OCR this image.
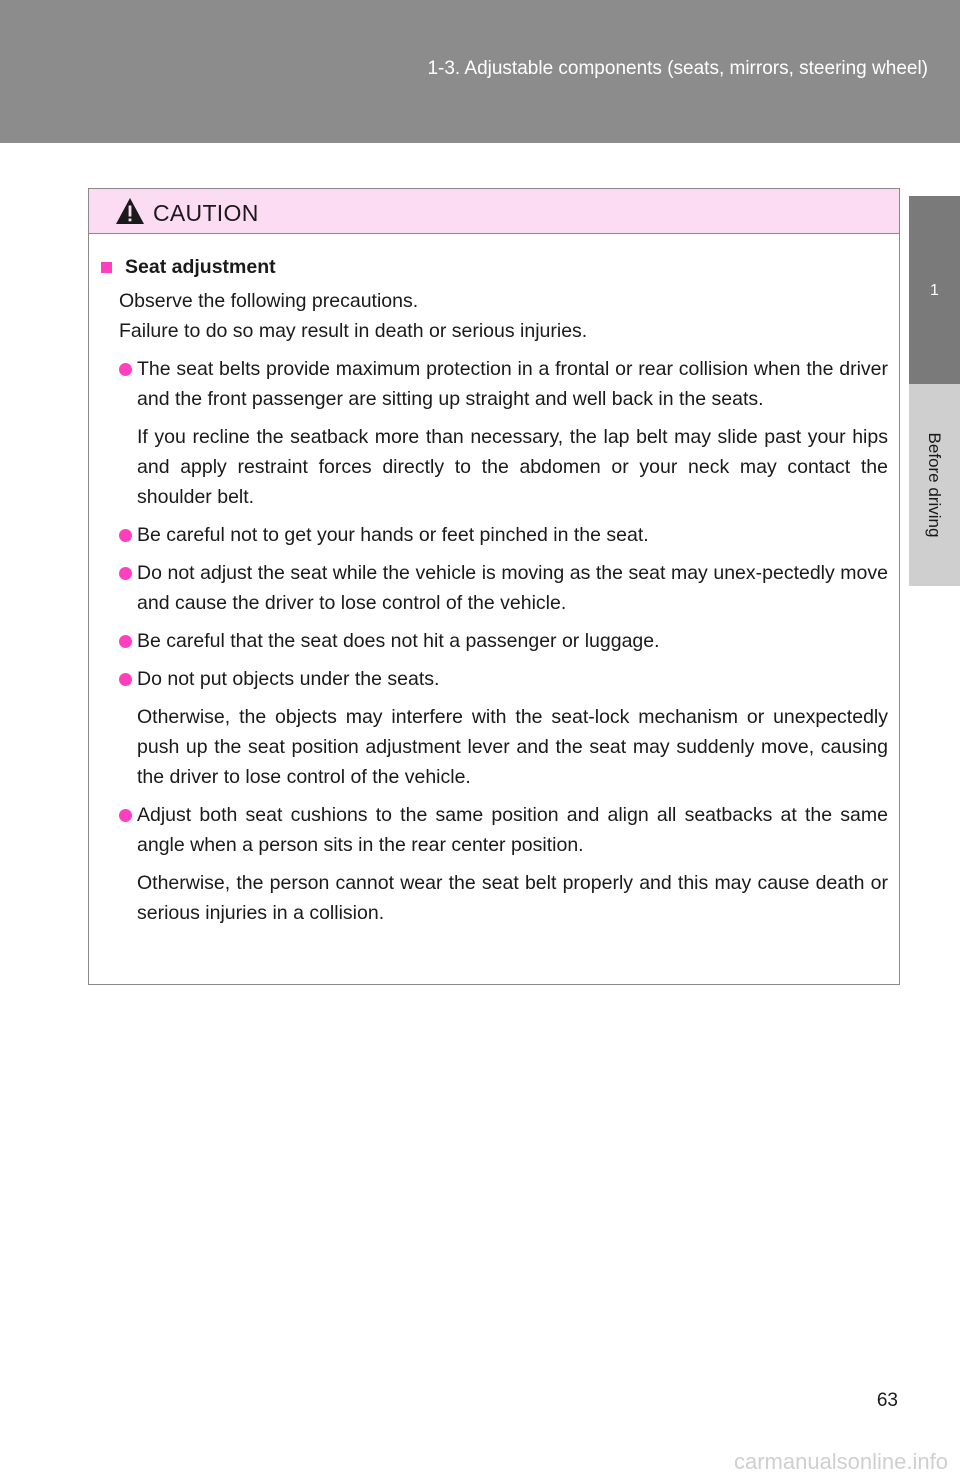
1-3. Adjustable components (seats, mirrors, steering wheel)
1
Before driving
CAUTION
Seat adjustment

Observe the following precautions.

Failure to do so may result in death or serious injuries.

The seat belts provide maximum protection in a frontal or rear collision when the driver and the front passenger are sitting up straight and well back in the seats.

If you recline the seatback more than necessary, the lap belt may slide past your hips and apply restraint forces directly to the abdomen or your neck may contact the shoulder belt.

Be careful not to get your hands or feet pinched in the seat.

Do not adjust the seat while the vehicle is moving as the seat may unex-pectedly move and cause the driver to lose control of the vehicle.

Be careful that the seat does not hit a passenger or luggage.

Do not put objects under the seats.

Otherwise, the objects may interfere with the seat-lock mechanism or unexpectedly push up the seat position adjustment lever and the seat may suddenly move, causing the driver to lose control of the vehicle.

Adjust both seat cushions to the same position and align all seatbacks at the same angle when a person sits in the rear center position.

Otherwise, the person cannot wear the seat belt properly and this may cause death or serious injuries in a collision.

63
carmanualsonline.info
